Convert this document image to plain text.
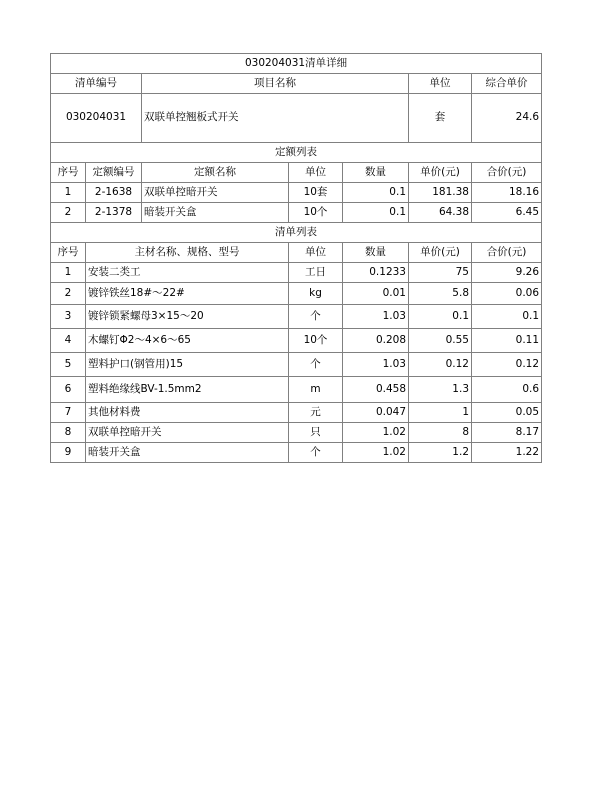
030204031清单详细						
清单编号		项目名称			单位	综合单价
030204031		双联单控翘板式开关			套	24.6
定额列表						
序号	定额编号	定额名称	单位	数量	单价(元)	合价(元)
1	2-1638	双联单控暗开关	10套	0.1	181.38	18.16
2	2-1378	暗装开关盒	10个	0.1	64.38	6.45
清单列表						
序号	主材名称、规格、型号		单位	数量	单价(元)	合价(元)
1	安装二类工		工日	0.1233	75	9.26
2	镀锌铁丝18#～22#		kg	0.01	5.8	0.06
3	镀锌锁紧螺母3×15～20		个	1.03	0.1	0.1
4	木螺钉Φ2～4×6～65		10个	0.208	0.55	0.11
5	塑料护口(钢管用)15		个	1.03	0.12	0.12
6	塑料绝缘线BV-1.5mm2		m	0.458	1.3	0.6
7	其他材料费		元	0.047	1	0.05
8	双联单控暗开关		只	1.02	8	8.17
9	暗装开关盒		个	1.02	1.2	1.22
